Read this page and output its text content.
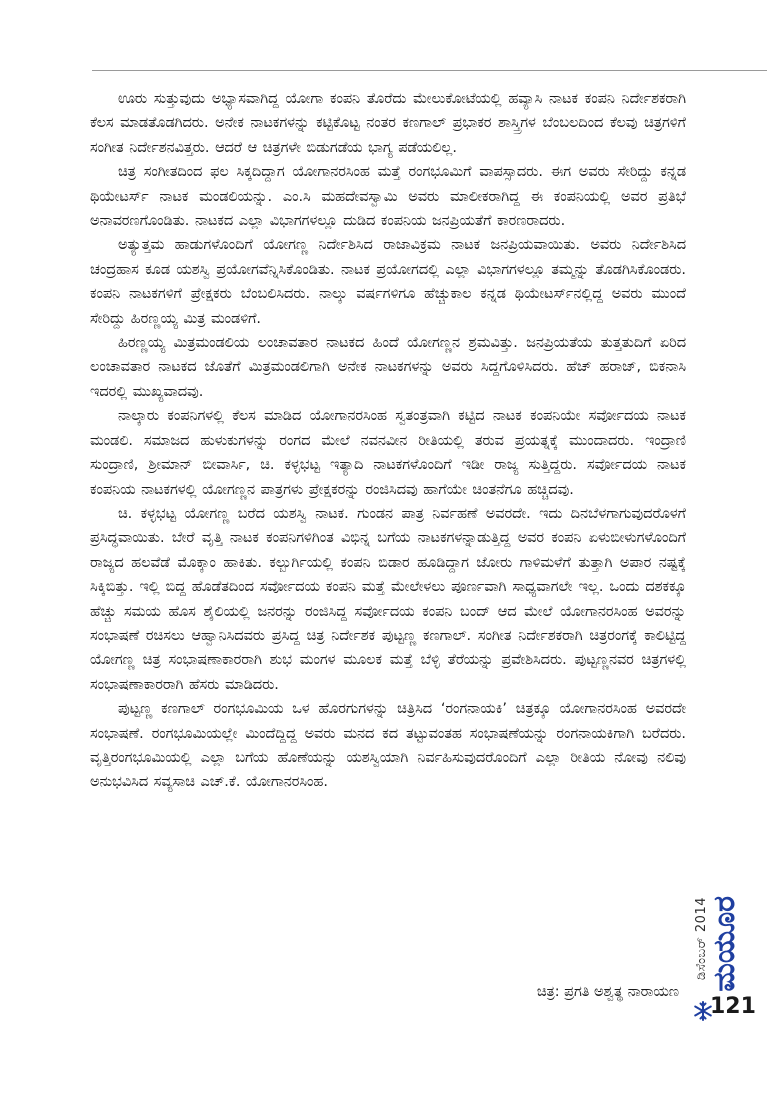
ಊರು ಸುತ್ತುವುದು ಅಭ್ಯಾಸವಾಗಿದ್ದ ಯೋಗಾ ಕಂಪನಿ ತೊರೆದು ಮೇಲುಕೋಟೆಯಲ್ಲಿ ಹವ್ಯಾಸಿ ನಾಟಕ ಕಂಪನಿ ನಿರ್ದೇಶಕರಾಗಿ ಕೆಲಸ ಮಾಡತೊಡಗಿದರು. ಅನೇಕ ನಾಟಕಗಳನ್ನು ಕಟ್ಟಿಕೊಟ್ಟ ನಂತರ ಕಣಗಾಲ್ ಪ್ರಭಾಕರ ಶಾಸ್ತ್ರಿಗಳ ಬೆಂಬಲದಿಂದ ಕೆಲವು ಚಿತ್ರಗಳಿಗೆ ಸಂಗೀತ ನಿರ್ದೇಶನವಿತ್ತರು. ಆದರೆ ಆ ಚಿತ್ರಗಳೇ ಬಿಡುಗಡೆಯ ಭಾಗ್ಯ ಪಡೆಯಲಿಲ್ಲ.

ಚಿತ್ರ ಸಂಗೀತದಿಂದ ಫಲ ಸಿಕ್ಕದಿದ್ದಾಗ ಯೋಗಾನರಸಿಂಹ ಮತ್ತೆ ರಂಗಭೂಮಿಗೆ ವಾಪಸ್ಸಾದರು. ಈಗ ಅವರು ಸೇರಿದ್ದು ಕನ್ನಡ ಥಿಯೇಟರ್ಸ್ ನಾಟಕ ಮಂಡಲಿಯನ್ನು. ಎಂ.ಸಿ ಮಹದೇವಸ್ವಾಮಿ ಅವರು ಮಾಲೀಕರಾಗಿದ್ದ ಈ ಕಂಪನಿಯಲ್ಲಿ ಅವರ ಪ್ರತಿಭೆ ಅನಾವರಣಗೊಂಡಿತು. ನಾಟಕದ ಎಲ್ಲಾ ವಿಭಾಗಗಳಲ್ಲೂ ದುಡಿದ ಕಂಪನಿಯ ಜನಪ್ರಿಯತೆಗೆ ಕಾರಣರಾದರು.

ಅತ್ಯುತ್ತಮ ಹಾಡುಗಳೊಂದಿಗೆ ಯೋಗಣ್ಣ ನಿರ್ದೇಶಿಸಿದ ರಾಜಾವಿಕ್ರಮ ನಾಟಕ ಜನಪ್ರಿಯವಾಯಿತು. ಅವರು ನಿರ್ದೇಶಿಸಿದ ಚಂದ್ರಹಾಸ ಕೂಡ ಯಶಸ್ವಿ ಪ್ರಯೋಗವೆನ್ನಿಸಿಕೊಂಡಿತು. ನಾಟಕ ಪ್ರಯೋಗದಲ್ಲಿ ಎಲ್ಲಾ ವಿಭಾಗಗಳಲ್ಲೂ ತಮ್ಮನ್ನು ತೊಡಗಿಸಿಕೊಂಡರು. ಕಂಪನಿ ನಾಟಕಗಳಿಗೆ ಪ್ರೇಕ್ಷಕರು ಬೆಂಬಲಿಸಿದರು. ನಾಲ್ಕು ವರ್ಷಗಳಿಗೂ ಹೆಚ್ಚುಕಾಲ ಕನ್ನಡ ಥಿಯೇಟರ್ಸ್‌ನಲ್ಲಿದ್ದ ಅವರು ಮುಂದೆ ಸೇರಿದ್ದು ಹಿರಣ್ಣಯ್ಯ ಮಿತ್ರ ಮಂಡಳಿಗೆ.

ಹಿರಣ್ಣಯ್ಯ ಮಿತ್ರಮಂಡಲಿಯ ಲಂಚಾವತಾರ ನಾಟಕದ ಹಿಂದೆ ಯೋಗಣ್ಣನ ಶ್ರಮವಿತ್ತು. ಜನಪ್ರಿಯತೆಯ ತುತ್ತತುದಿಗೆ ಏರಿದ ಲಂಚಾವತಾರ ನಾಟಕದ ಜೊತೆಗೆ ಮಿತ್ರಮಂಡಲಿಗಾಗಿ ಅನೇಕ ನಾಟಕಗಳನ್ನು ಅವರು ಸಿದ್ದಗೊಳಿಸಿದರು. ಹೆಚ್ ಹರಾಜ್, ಬಿಕನಾಸಿ ಇದರಲ್ಲಿ ಮುಖ್ಯವಾದವು.

ನಾಲ್ಕಾರು ಕಂಪನಿಗಳಲ್ಲಿ ಕೆಲಸ ಮಾಡಿದ ಯೋಗಾನರಸಿಂಹ ಸ್ವತಂತ್ರವಾಗಿ ಕಟ್ಟಿದ ನಾಟಕ ಕಂಪನಿಯೇ ಸರ್ವೋದಯ ನಾಟಕ ಮಂಡಲಿ. ಸಮಾಜದ ಹುಳುಕುಗಳನ್ನು ರಂಗದ ಮೇಲೆ ನವನವೀನ ರೀತಿಯಲ್ಲಿ ತರುವ ಪ್ರಯತ್ನಕ್ಕೆ ಮುಂದಾದರು. ಇಂದ್ರಾಣಿ ಸುಂದ್ರಾಣಿ, ಶ್ರೀಮಾನ್ ಬೀವಾರ್ಸಿ, ಚಿ. ಕಳ್ಳಭಟ್ಟ ಇತ್ಯಾದಿ ನಾಟಕಗಳೊಂದಿಗೆ ಇಡೀ ರಾಜ್ಯ ಸುತ್ತಿದ್ದರು. ಸರ್ವೋದಯ ನಾಟಕ ಕಂಪನಿಯ ನಾಟಕಗಳಲ್ಲಿ ಯೋಗಣ್ಣನ ಪಾತ್ರಗಳು ಪ್ರೇಕ್ಷಕರನ್ನು ರಂಜಿಸಿದವು ಹಾಗೆಯೇ ಚಿಂತನೆಗೂ ಹಚ್ಚಿದವು.

ಚಿ. ಕಳ್ಳಭಟ್ಟ ಯೋಗಣ್ಣ ಬರೆದ ಯಶಸ್ವಿ ನಾಟಕ. ಗುಂಡನ ಪಾತ್ರ ನಿರ್ವಹಣೆ ಅವರದೇ. ಇದು ದಿನಬೆಳಗಾಗುವುದರೊಳಗೆ ಪ್ರಸಿದ್ಧವಾಯಿತು. ಬೇರೆ ವೃತ್ತಿ ನಾಟಕ ಕಂಪನಿಗಳಿಗಿಂತ ವಿಭಿನ್ನ ಬಗೆಯ ನಾಟಕಗಳನ್ನಾಡುತ್ತಿದ್ದ ಅವರ ಕಂಪನಿ ಏಳುಬೀಳುಗಳೊಂದಿಗೆ ರಾಜ್ಯದ ಹಲವೆಡೆ ಮೊಕ್ಕಾಂ ಹಾಕಿತು. ಕಲ್ಬುರ್ಗಿಯಲ್ಲಿ ಕಂಪನಿ ಬಿಡಾರ ಹೂಡಿದ್ದಾಗ ಜೋರು ಗಾಳಿಮಳೆಗೆ ತುತ್ತಾಗಿ ಅಪಾರ ನಷ್ಟಕ್ಕೆ ಸಿಕ್ಕಿಬಿತ್ತು. ಇಲ್ಲಿ ಬಿದ್ದ ಹೊಡೆತದಿಂದ ಸರ್ವೋದಯ ಕಂಪನಿ ಮತ್ತೆ ಮೇಲೇಳಲು ಪೂರ್ಣವಾಗಿ ಸಾಧ್ಯವಾಗಲೇ ಇಲ್ಲ. ಒಂದು ದಶಕಕ್ಕೂ ಹೆಚ್ಚು ಸಮಯ ಹೊಸ ಶೈಲಿಯಲ್ಲಿ ಜನರನ್ನು ರಂಜಿಸಿದ್ದ ಸರ್ವೋದಯ ಕಂಪನಿ ಬಂದ್ ಆದ ಮೇಲೆ ಯೋಗಾನರಸಿಂಹ ಅವರನ್ನು ಸಂಭಾಷಣೆ ರಚಿಸಲು ಆಹ್ವಾನಿಸಿದವರು ಪ್ರಸಿದ್ದ ಚಿತ್ರ ನಿರ್ದೇಶಕ ಪುಟ್ಟಣ್ಣ ಕಣಗಾಲ್. ಸಂಗೀತ ನಿರ್ದೇಶಕರಾಗಿ ಚಿತ್ರರಂಗಕ್ಕೆ ಕಾಲಿಟ್ಟಿದ್ದ ಯೋಗಣ್ಣ ಚಿತ್ರ ಸಂಭಾಷಣಾಕಾರರಾಗಿ ಶುಭ ಮಂಗಳ ಮೂಲಕ ಮತ್ತೆ ಬೆಳ್ಳಿ ತೆರೆಯನ್ನು ಪ್ರವೇಶಿಸಿದರು. ಪುಟ್ಟಣ್ಣನವರ ಚಿತ್ರಗಳಲ್ಲಿ ಸಂಭಾಷಣಾಕಾರರಾಗಿ ಹೆಸರು ಮಾಡಿದರು.

ಪುಟ್ಟಣ್ಣ ಕಣಗಾಲ್ ರಂಗಭೂಮಿಯ ಒಳ ಹೊರಗುಗಳನ್ನು ಚಿತ್ರಿಸಿದ ‘ರಂಗನಾಯಕಿ’ ಚಿತ್ರಕ್ಕೂ ಯೋಗಾನರಸಿಂಹ ಅವರದೇ ಸಂಭಾಷಣೆ. ರಂಗಭೂಮಿಯಲ್ಲೇ ಮಿಂದೆದ್ದಿದ್ದ ಅವರು ಮನದ ಕದ ತಟ್ಟುವಂತಹ ಸಂಭಾಷಣೆಯನ್ನು ರಂಗನಾಯಕಿಗಾಗಿ ಬರೆದರು. ವೃತ್ತಿರಂಗಭೂಮಿಯಲ್ಲಿ ಎಲ್ಲಾ ಬಗೆಯ ಹೊಣೆಯನ್ನು ಯಶಸ್ವಿಯಾಗಿ ನಿರ್ವಹಿಸುವುದರೊಂದಿಗೆ ಎಲ್ಲಾ ರೀತಿಯ ನೋವು ನಲಿವು ಅನುಭವಿಸಿದ ಸವ್ಯಸಾಚಿ ಎಚ್.ಕೆ. ಯೋಗಾನರಸಿಂಹ.

ಚಿತ್ರ: ಪ್ರಗತಿ ಅಶ್ವತ್ಥ ನಾರಾಯಣ
ಡಿಸೆಂಬರ್ 2014
ಮಯೂರ
121
